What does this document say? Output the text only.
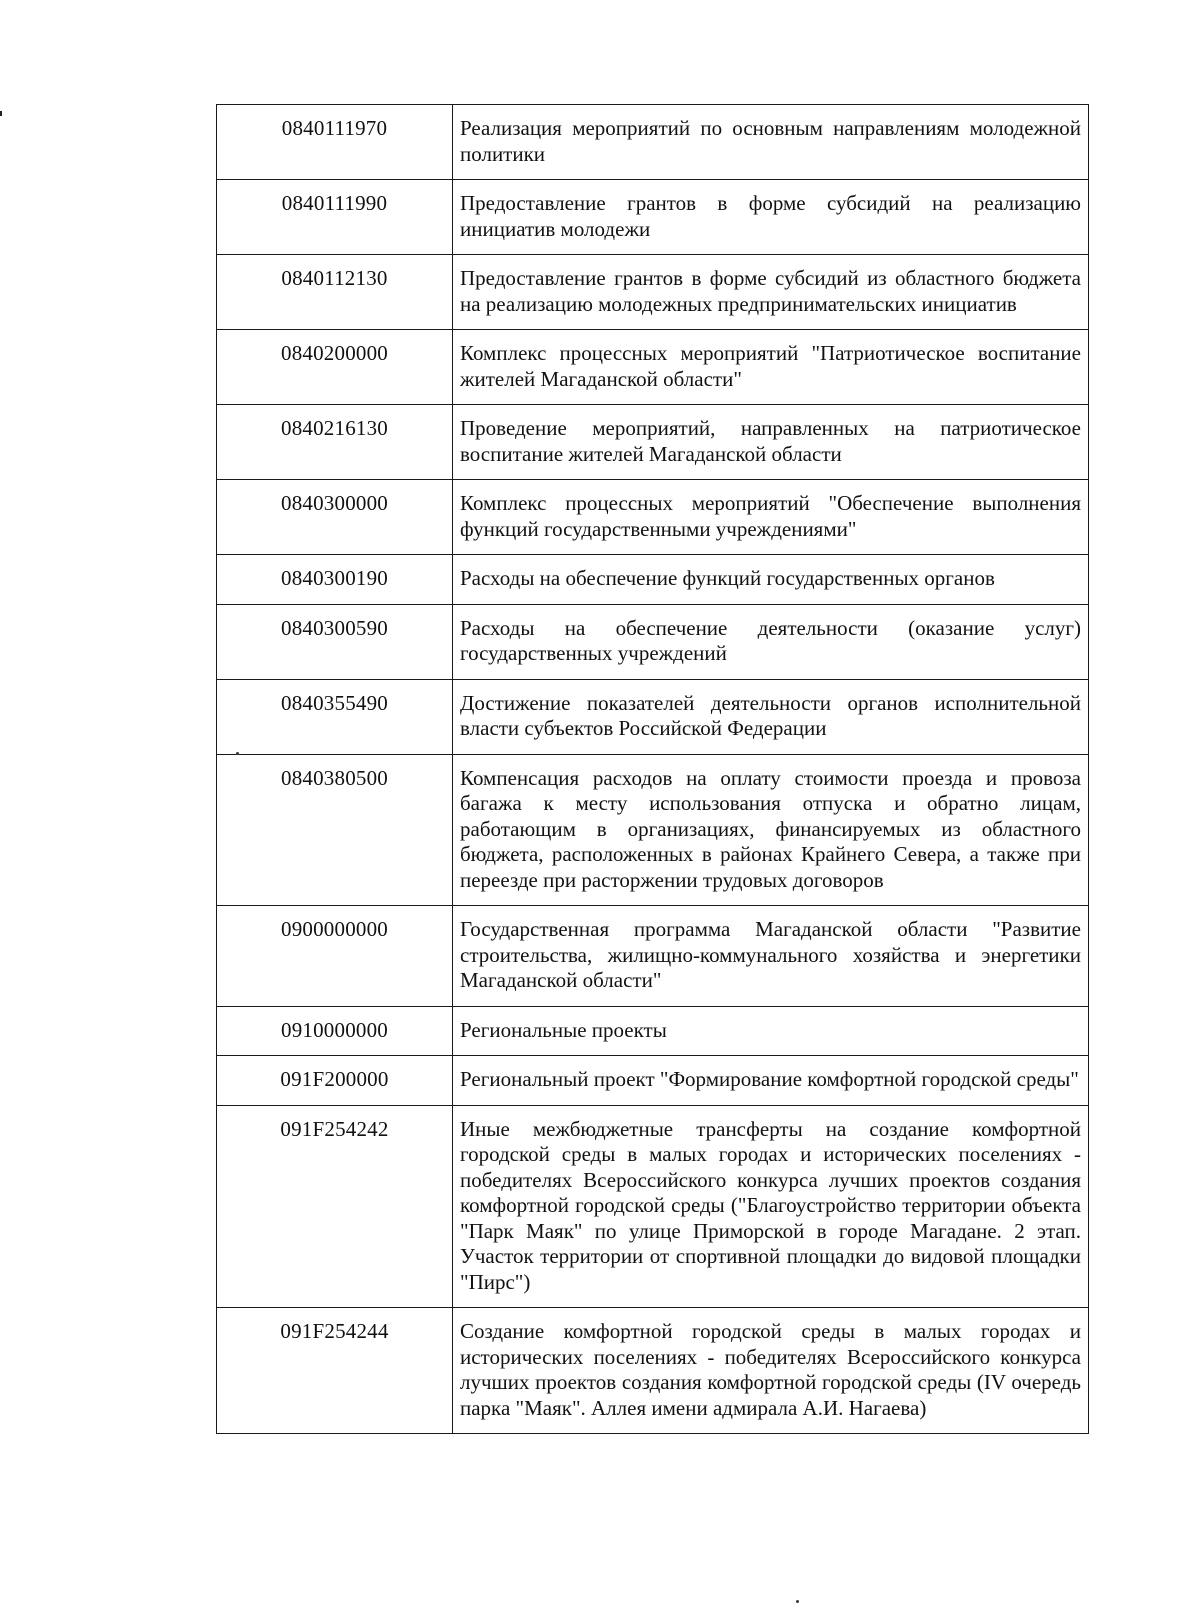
0840111970	Реализация мероприятий по основным направлениям молодежной политики
0840111990	Предоставление грантов в форме субсидий на реализацию инициатив молодежи
0840112130	Предоставление грантов в форме субсидий из областного бюджета на реализацию молодежных предпринимательских инициатив
0840200000	Комплекс процессных мероприятий "Патриотическое воспитание жителей Магаданской области"
0840216130	Проведение мероприятий, направленных на патриотическое воспитание жителей Магаданской области
0840300000	Комплекс процессных мероприятий "Обеспечение выполнения функций государственными учреждениями"
0840300190	Расходы на обеспечение функций государственных органов
0840300590	Расходы на обеспечение деятельности (оказание услуг) государственных учреждений
0840355490	Достижение показателей деятельности органов исполнительной власти субъектов Российской Федерации
0840380500	Компенсация расходов на оплату стоимости проезда и провоза багажа к месту использования отпуска и обратно лицам, работающим в организациях, финансируемых из областного бюджета, расположенных в районах Крайнего Севера, а также при переезде при расторжении трудовых договоров
0900000000	Государственная программа Магаданской области "Развитие строительства, жилищно-коммунального хозяйства и энергетики Магаданской области"
0910000000	Региональные проекты
091F200000	Региональный проект "Формирование комфортной городской среды"
091F254242	Иные межбюджетные трансферты на создание комфортной городской среды в малых городах и исторических поселениях - победителях Всероссийского конкурса лучших проектов создания комфортной городской среды ("Благоустройство территории объекта "Парк Маяк" по улице Приморской в городе Магадане. 2 этап. Участок территории от спортивной площадки до видовой площадки "Пирс")
091F254244	Создание комфортной городской среды в малых городах и исторических поселениях - победителях Всероссийского конкурса лучших проектов создания комфортной городской среды (IV очередь парка "Маяк". Аллея имени адмирала А.И. Нагаева)
